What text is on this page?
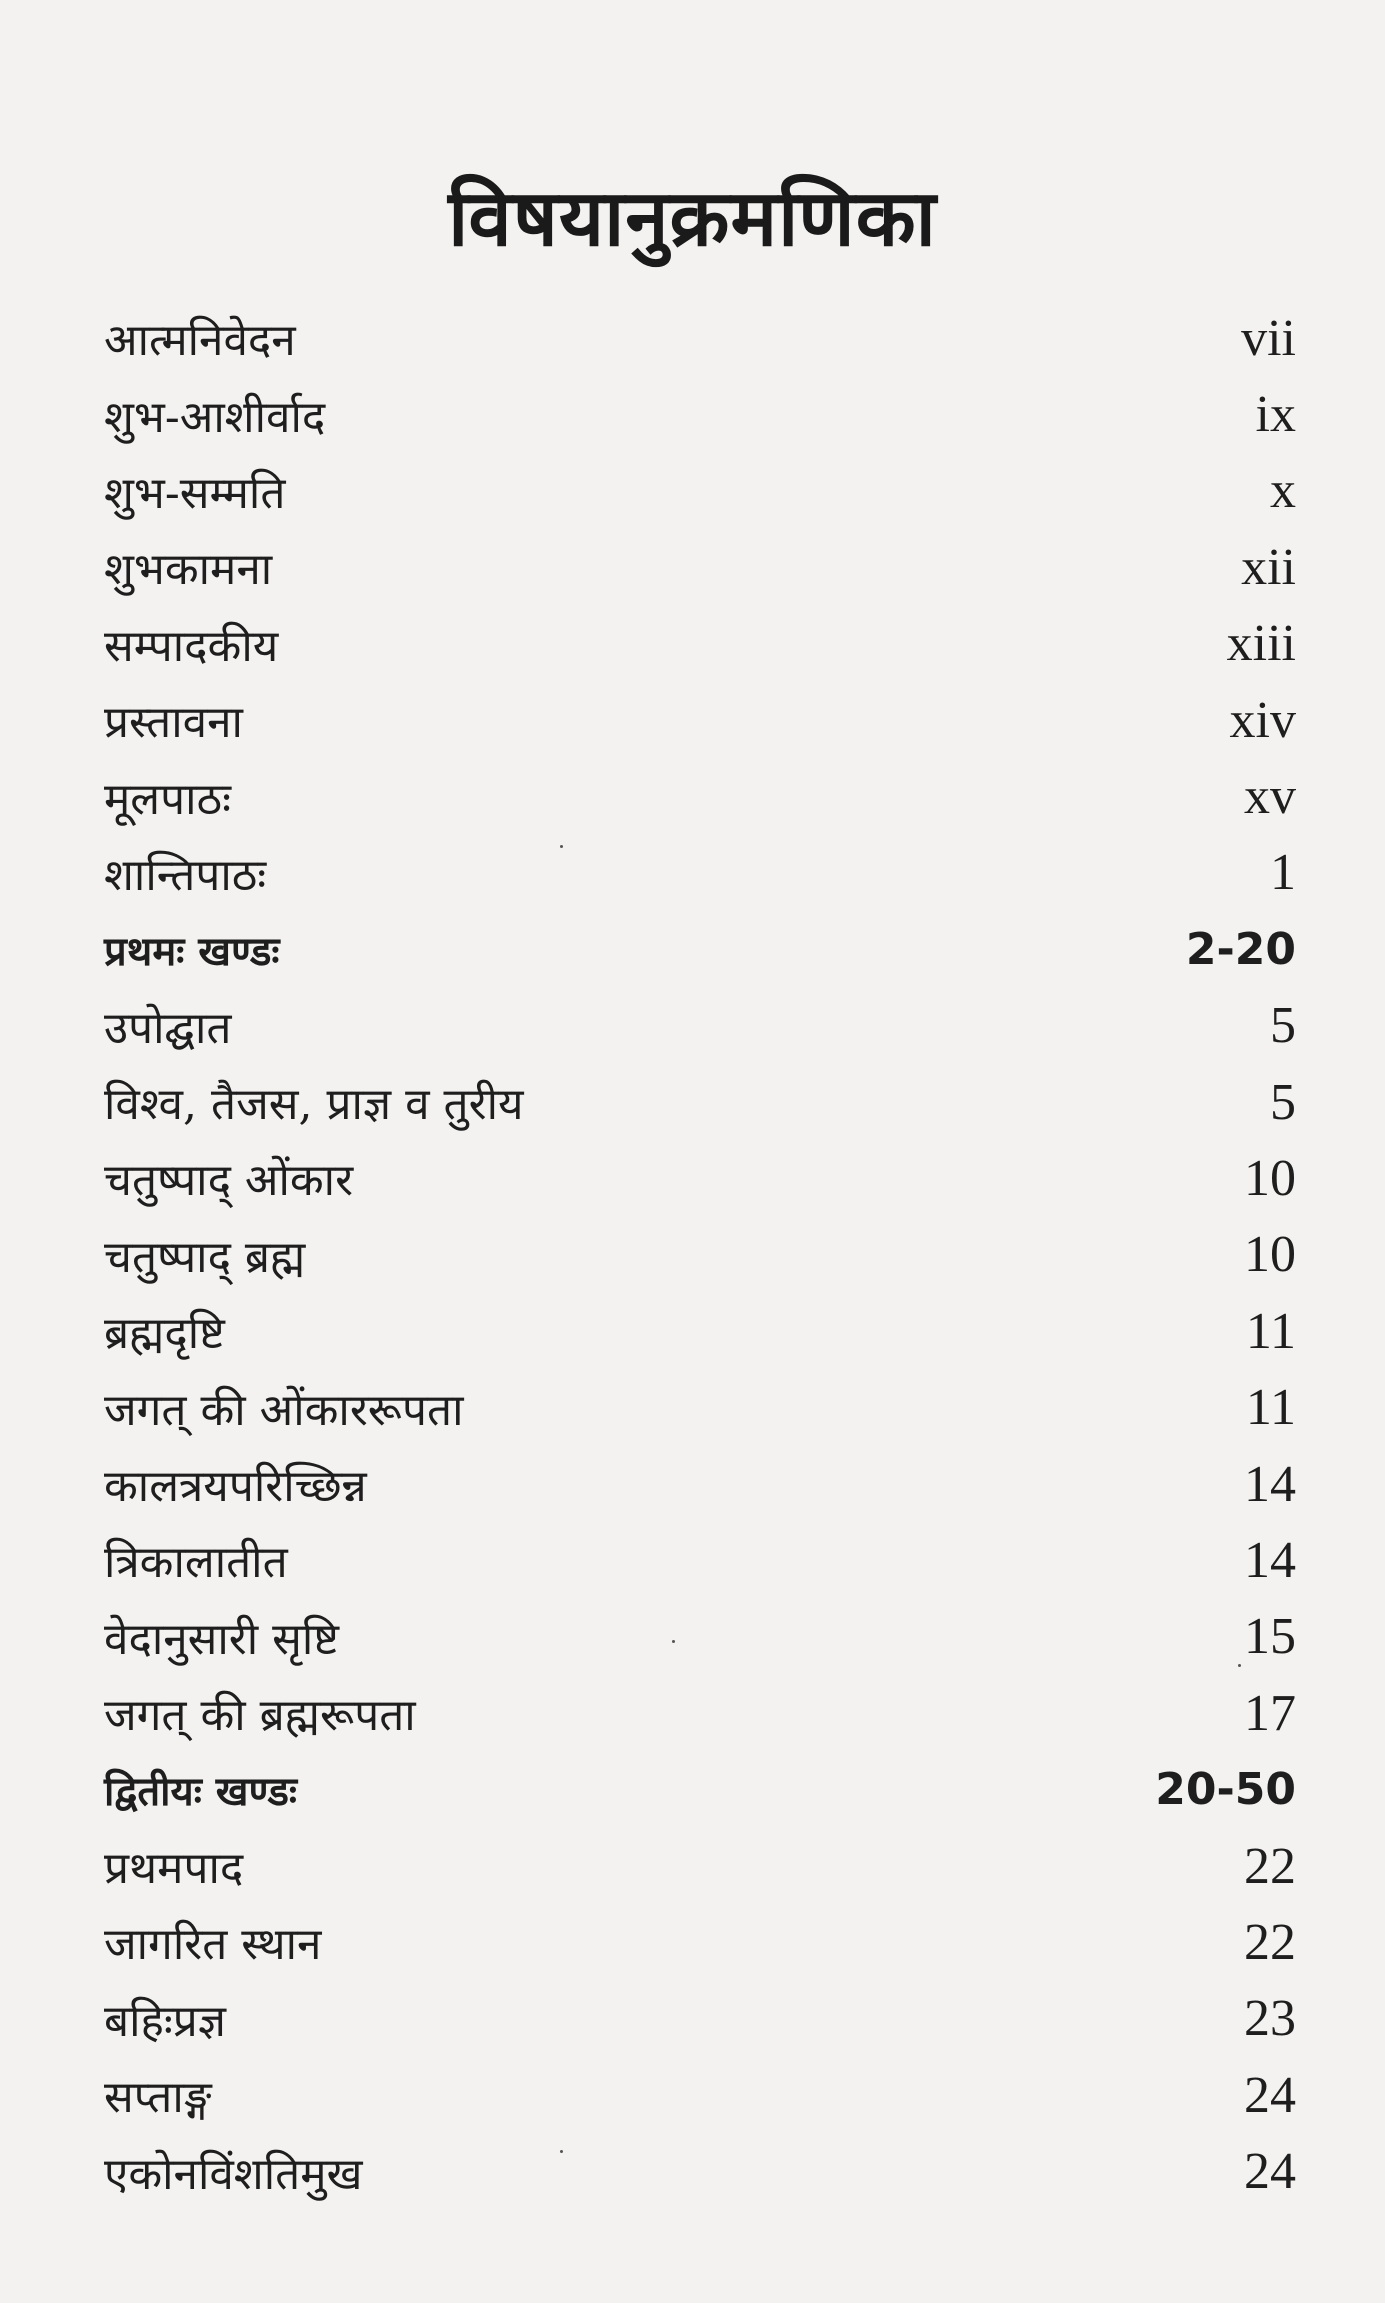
विषयानुक्रमणिका
आत्मनिवेदन	vii
शुभ-आशीर्वाद	ix
शुभ-सम्मति	x
शुभकामना	xii
सम्पादकीय	xiii
प्रस्तावना	xiv
मूलपाठः	xv
शान्तिपाठः	1
प्रथमः खण्डः	2-20
उपोद्घात	5
विश्व, तैजस, प्राज्ञ व तुरीय	5
चतुष्पाद् ओंकार	10
चतुष्पाद् ब्रह्म	10
ब्रह्मदृष्टि	11
जगत् की ओंकाररूपता	11
कालत्रयपरिच्छिन्न	14
त्रिकालातीत	14
वेदानुसारी सृष्टि	15
जगत् की ब्रह्मरूपता	17
द्वितीयः खण्डः	20-50
प्रथमपाद	22
जागरित स्थान	22
बहिःप्रज्ञ	23
सप्ताङ्ग	24
एकोनविंशतिमुख	24
